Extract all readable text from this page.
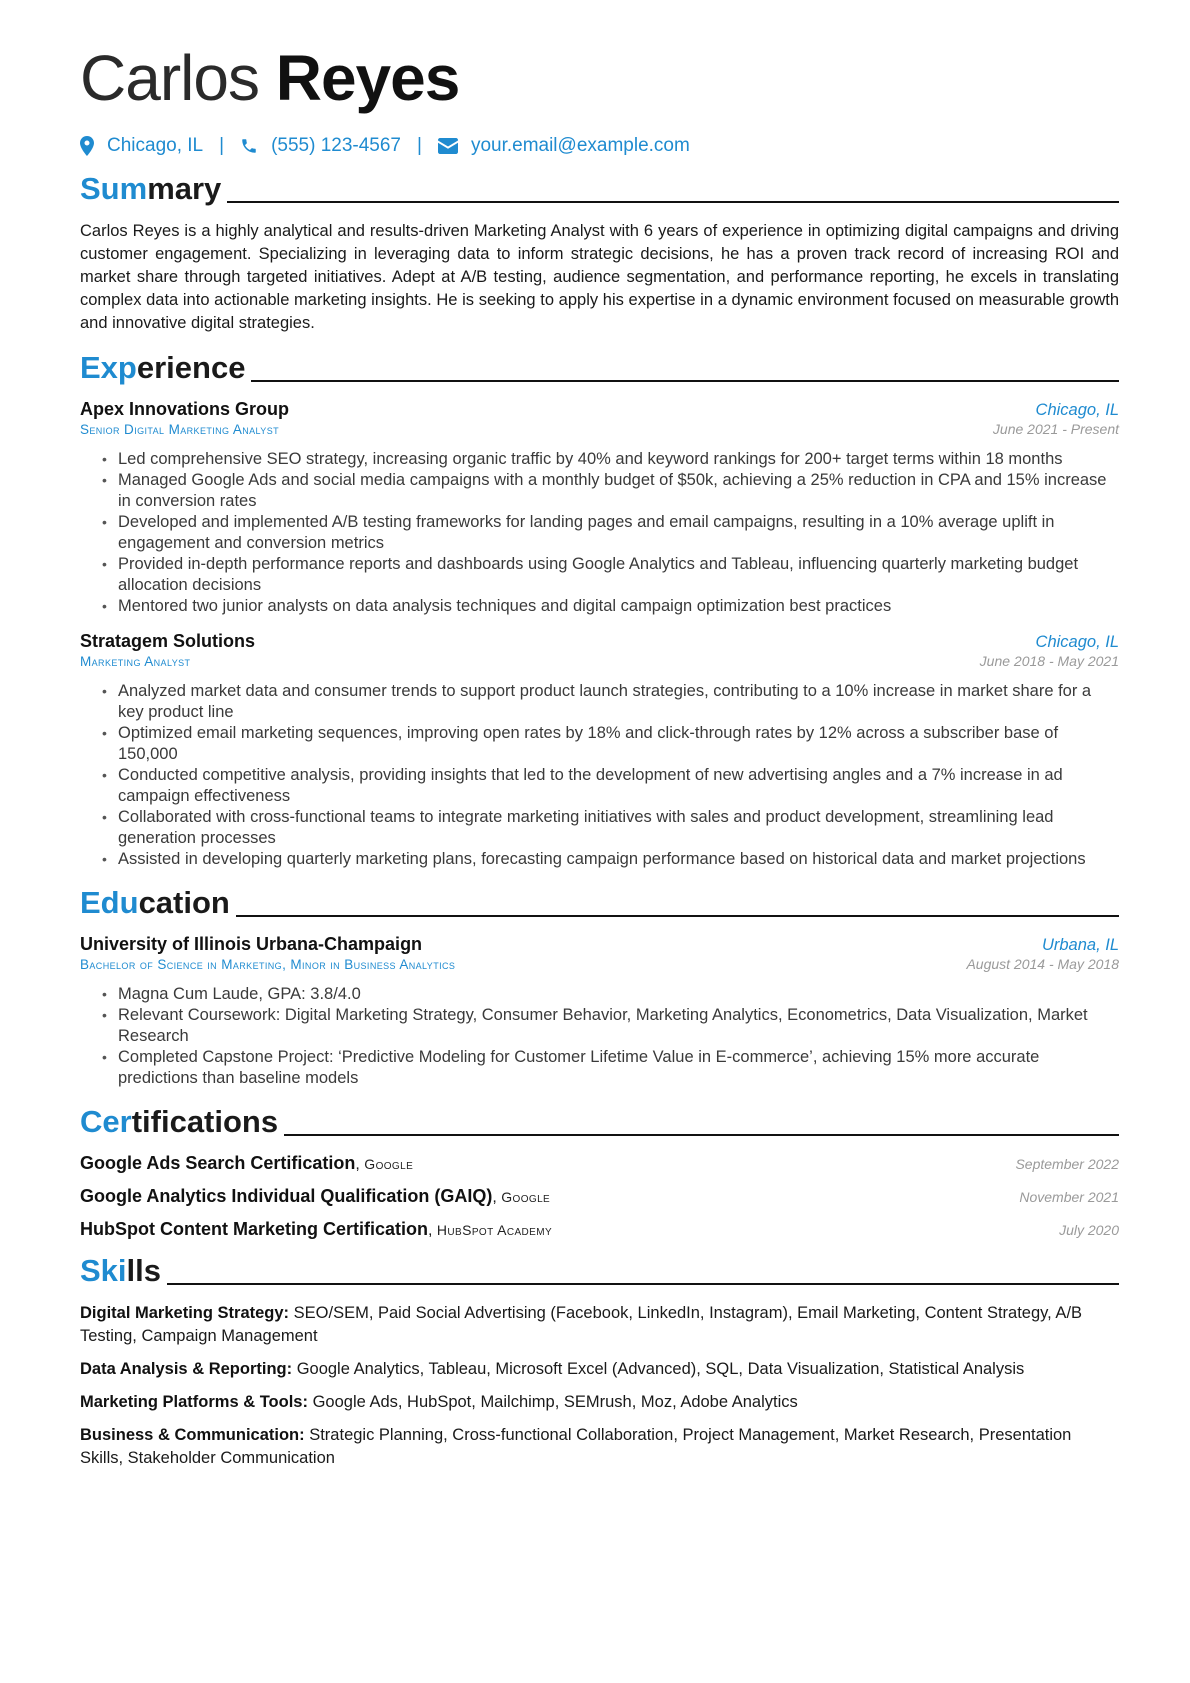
Carlos Reyes
Chicago, IL | (555) 123-4567 |	your.email@example.com
Summary

Carlos Reyes is a highly analytical and results-driven Marketing Analyst with 6 years of experience in optimizing digital campaigns and driving customer engagement. Specializing in leveraging data to inform strategic decisions, he has a proven track record of increasing ROI and market share through targeted initiatives. Adept at A/B testing, audience segmentation, and performance reporting, he excels in translating complex data into actionable marketing insights. He is seeking to apply his expertise in a dynamic environment focused on measurable growth and innovative digital strategies.

Experience
Apex Innovations Group	Chicago, IL
Senior Digital Marketing Analyst	June 2021 - Present
• Led comprehensive SEO strategy, increasing organic traffic by 40% and keyword rankings for 200+ target terms within 18 months
• Managed Google Ads and social media campaigns with a monthly budget of $50k, achieving a 25% reduction in CPA and 15% increase in conversion rates
• Developed and implemented A/B testing frameworks for landing pages and email campaigns, resulting in a 10% average uplift in engagement and conversion metrics
• Provided in-depth performance reports and dashboards using Google Analytics and Tableau, influencing quarterly marketing budget allocation decisions
• Mentored two junior analysts on data analysis techniques and digital campaign optimization best practices
Stratagem Solutions	Chicago, IL
Marketing Analyst	June 2018 - May 2021
• Analyzed market data and consumer trends to support product launch strategies, contributing to a 10% increase in market share for a key product line
• Optimized email marketing sequences, improving open rates by 18% and click-through rates by 12% across a subscriber base of 150,000
• Conducted competitive analysis, providing insights that led to the development of new advertising angles and a 7% increase in ad campaign effectiveness
• Collaborated with cross-functional teams to integrate marketing initiatives with sales and product development, streamlining lead generation processes
• Assisted in developing quarterly marketing plans, forecasting campaign performance based on historical data and market projections
Education
University of Illinois Urbana-Champaign	Urbana, IL
Bachelor of Science in Marketing, Minor in Business Analytics	August 2014 - May 2018
• Magna Cum Laude, GPA: 3.8/4.0
• Relevant Coursework: Digital Marketing Strategy, Consumer Behavior, Marketing Analytics, Econometrics, Data Visualization, Market Research
• Completed Capstone Project: ‘Predictive Modeling for Customer Lifetime Value in E-commerce’, achieving 15% more accurate predictions than baseline models
Certifications
Google Ads Search Certification, Google	September 2022
Google Analytics Individual Qualification (GAIQ), Google	November 2021
HubSpot Content Marketing Certification, HubSpot Academy	July 2020
Skills
Digital Marketing Strategy: SEO/SEM, Paid Social Advertising (Facebook, LinkedIn, Instagram), Email Marketing, Content Strategy, A/B Testing, Campaign Management
Data Analysis & Reporting: Google Analytics, Tableau, Microsoft Excel (Advanced), SQL, Data Visualization, Statistical Analysis
Marketing Platforms & Tools: Google Ads, HubSpot, Mailchimp, SEMrush, Moz, Adobe Analytics
Business & Communication: Strategic Planning, Cross-functional Collaboration, Project Management, Market Research, Presentation Skills, Stakeholder Communication
